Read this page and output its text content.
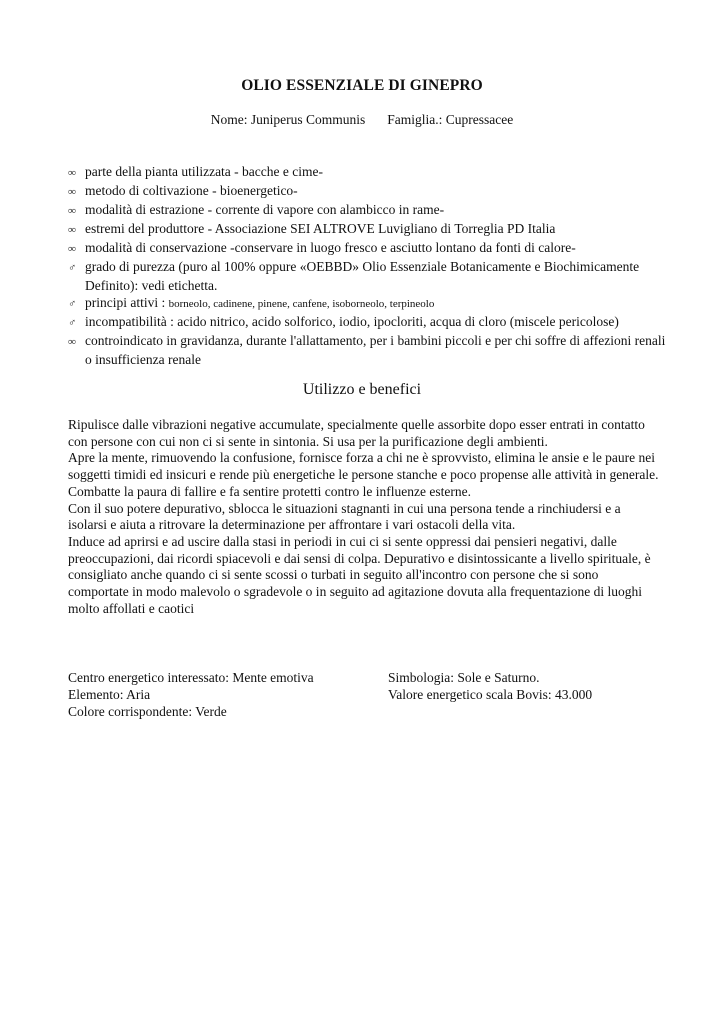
OLIO ESSENZIALE DI GINEPRO
Nome: Juniperus Communis Famiglia.: Cupressacee
∞ parte della pianta utilizzata - bacche e cime-
∞ metodo di coltivazione - bioenergetico-
∞ modalità di estrazione - corrente di vapore con alambicco in rame-
∞ estremi del produttore - Associazione SEI ALTROVE Luvigliano di Torreglia PD Italia
∞ modalità di conservazione -conservare in luogo fresco e asciutto lontano da fonti di calore-
♂ grado di purezza (puro al 100% oppure «OEBBD» Olio Essenziale Botanicamente e Biochimicamente Definito): vedi etichetta.
♂ principi attivi : borneolo, cadinene, pinene, canfene, isoborneolo, terpineolo
♂ incompatibilità : acido nitrico, acido solforico, iodio, ipocloriti, acqua di cloro (miscele pericolose)
∞ controindicato in gravidanza, durante l'allattamento, per i bambini piccoli e per chi soffre di affezioni renali o insufficienza renale
Utilizzo e benefici

Ripulisce dalle vibrazioni negative accumulate, specialmente quelle assorbite dopo esser entrati in contatto con persone con cui non ci si sente in sintonia. Si usa per la purificazione degli ambienti.

Apre la mente, rimuovendo la confusione, fornisce forza a chi ne è sprovvisto, elimina le ansie e le paure nei soggetti timidi ed insicuri e rende più energetiche le persone stanche e poco propense alle attività in generale. Combatte la paura di fallire e fa sentire protetti contro le influenze esterne.

Con il suo potere depurativo, sblocca le situazioni stagnanti in cui una persona tende a rinchiudersi e a isolarsi e aiuta a ritrovare la determinazione per affrontare i vari ostacoli della vita.

Induce ad aprirsi e ad uscire dalla stasi in periodi in cui ci si sente oppressi dai pensieri negativi, dalle preoccupazioni, dai ricordi spiacevoli e dai sensi di colpa. Depurativo e disintossicante a livello spirituale, è consigliato anche quando ci si sente scossi o turbati in seguito all'incontro con persone che si sono comportate in modo malevolo o sgradevole o in seguito ad agitazione dovuta alla frequentazione di luoghi molto affollati e caotici

Centro energetico interessato: Mente emotiva	Simbologia: Sole e Saturno.
Elemento: Aria	Valore energetico scala Bovis: 43.000
Colore corrispondente: Verde
